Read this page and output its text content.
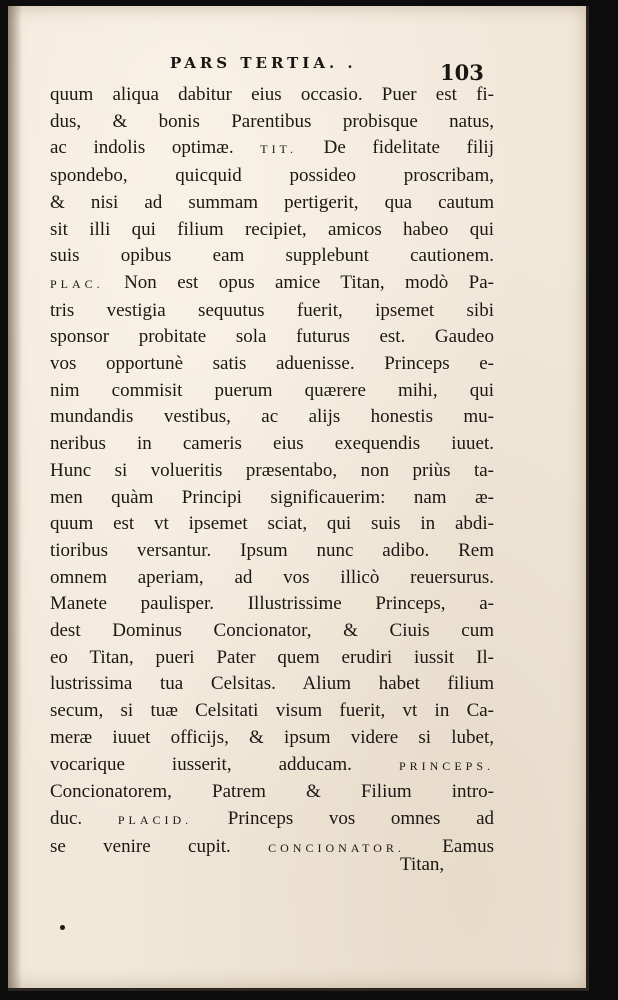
PARS TERTIA. .	103
quum aliqua dabitur eius occasio. Puer est fi-
dus, & bonis Parentibus probisque natus,
ac indolis optimæ. TIT. De fidelitate filij
spondebo, quicquid possideo proscribam,
& nisi ad summam pertigerit, qua cautum
sit illi qui filium recipiet, amicos habeo qui
suis opibus eam supplebunt cautionem.
PLAC. Non est opus amice Titan, modò Pa-
tris vestigia sequutus fuerit, ipsemet sibi
sponsor probitate sola futurus est. Gaudeo
vos opportunè satis aduenisse. Princeps e-
nim commisit puerum quærere mihi, qui
mundandis vestibus, ac alijs honestis mu-
neribus in cameris eius exequendis iuuet.
Hunc si volueritis præsentabo, non priùs ta-
men quàm Principi significauerim: nam æ-
quum est vt ipsemet sciat, qui suis in abdi-
tioribus versantur. Ipsum nunc adibo. Rem
omnem aperiam, ad vos illicò reuersurus.
Manete paulisper. Illustrissime Princeps, a-
dest Dominus Concionator, & Ciuis cum
eo Titan, pueri Pater quem erudiri iussit Il-
lustrissima tua Celsitas. Alium habet filium
secum, si tuæ Celsitati visum fuerit, vt in Ca-
meræ iuuet officijs, & ipsum videre si lubet,
vocarique iusserit, adducam. PRINCEPS.
Concionatorem, Patrem & Filium intro-
duc. PLACID. Princeps vos omnes ad
se venire cupit. CONCIONATOR. Eamus
Titan,
